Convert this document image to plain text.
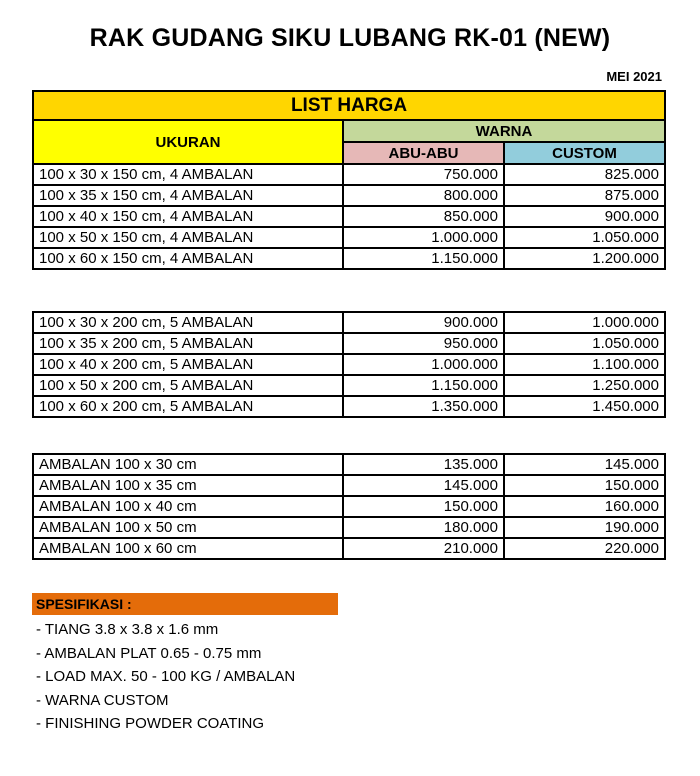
RAK GUDANG SIKU LUBANG RK-01 (NEW)
MEI 2021
LIST HARGA		
UKURAN	WARNA	
	ABU-ABU	CUSTOM
100 x 30 x 150 cm, 4 AMBALAN	750.000	825.000
100 x 35 x 150 cm, 4 AMBALAN	800.000	875.000
100 x 40 x 150 cm, 4 AMBALAN	850.000	900.000
100 x 50 x 150 cm, 4 AMBALAN	1.000.000	1.050.000
100 x 60 x 150 cm, 4 AMBALAN	1.150.000	1.200.000
100 x 30 x 200 cm, 5 AMBALAN	900.000	1.000.000
100 x 35 x 200 cm, 5 AMBALAN	950.000	1.050.000
100 x 40 x 200 cm, 5 AMBALAN	1.000.000	1.100.000
100 x 50 x 200 cm, 5 AMBALAN	1.150.000	1.250.000
100 x 60 x 200 cm, 5 AMBALAN	1.350.000	1.450.000
AMBALAN 100 x 30 cm	135.000	145.000
AMBALAN 100 x 35 cm	145.000	150.000
AMBALAN 100 x 40 cm	150.000	160.000
AMBALAN 100 x 50 cm	180.000	190.000
AMBALAN 100 x 60 cm	210.000	220.000
SPESIFIKASI :
- TIANG 3.8 x 3.8 x 1.6 mm
- AMBALAN PLAT 0.65 - 0.75 mm
- LOAD MAX. 50 - 100 KG / AMBALAN
- WARNA CUSTOM
- FINISHING POWDER COATING
